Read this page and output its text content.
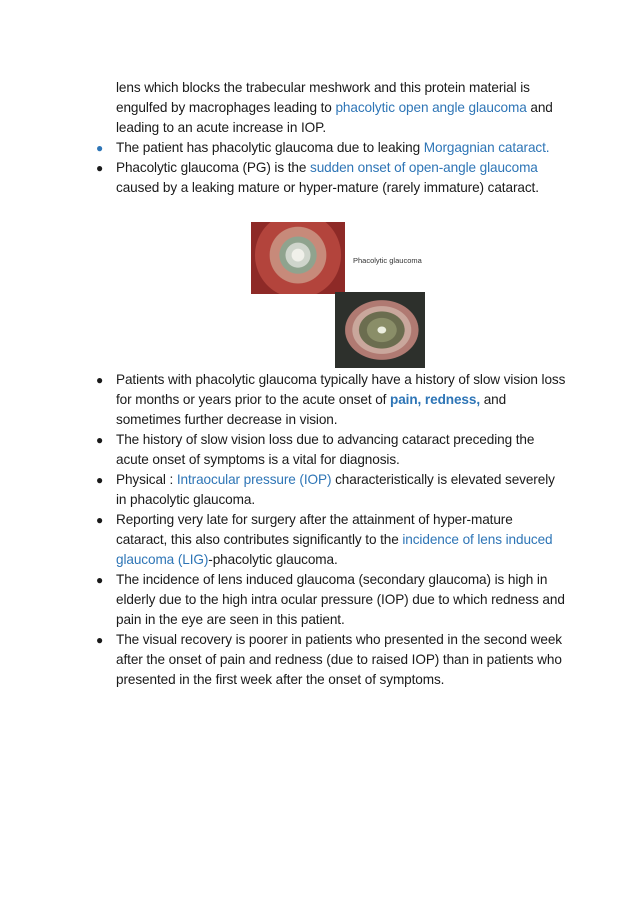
lens which blocks the trabecular meshwork and this protein material is engulfed by macrophages leading to phacolytic open angle glaucoma and leading to an acute increase in IOP.
● The patient has phacolytic glaucoma due to leaking Morgagnian cataract.
● Phacolytic glaucoma (PG) is the sudden onset of open-angle glaucoma caused by a leaking mature or hyper-mature (rarely immature) cataract.
Phacolytic glaucoma
● Patients with phacolytic glaucoma typically have a history of slow vision loss for months or years prior to the acute onset of pain, redness, and sometimes further decrease in vision.
● The history of slow vision loss due to advancing cataract preceding the acute onset of symptoms is a vital for diagnosis.
● Physical : Intraocular pressure (IOP) characteristically is elevated severely in phacolytic glaucoma.
● Reporting very late for surgery after the attainment of hyper-mature cataract, this also contributes significantly to the incidence of lens induced glaucoma (LIG)-phacolytic glaucoma.
● The incidence of lens induced glaucoma (secondary glaucoma) is high in elderly due to the high intra ocular pressure (IOP) due to which redness and pain in the eye are seen in this patient.
● The visual recovery is poorer in patients who presented in the second week after the onset of pain and redness (due to raised IOP) than in patients who presented in the first week after the onset of symptoms.
